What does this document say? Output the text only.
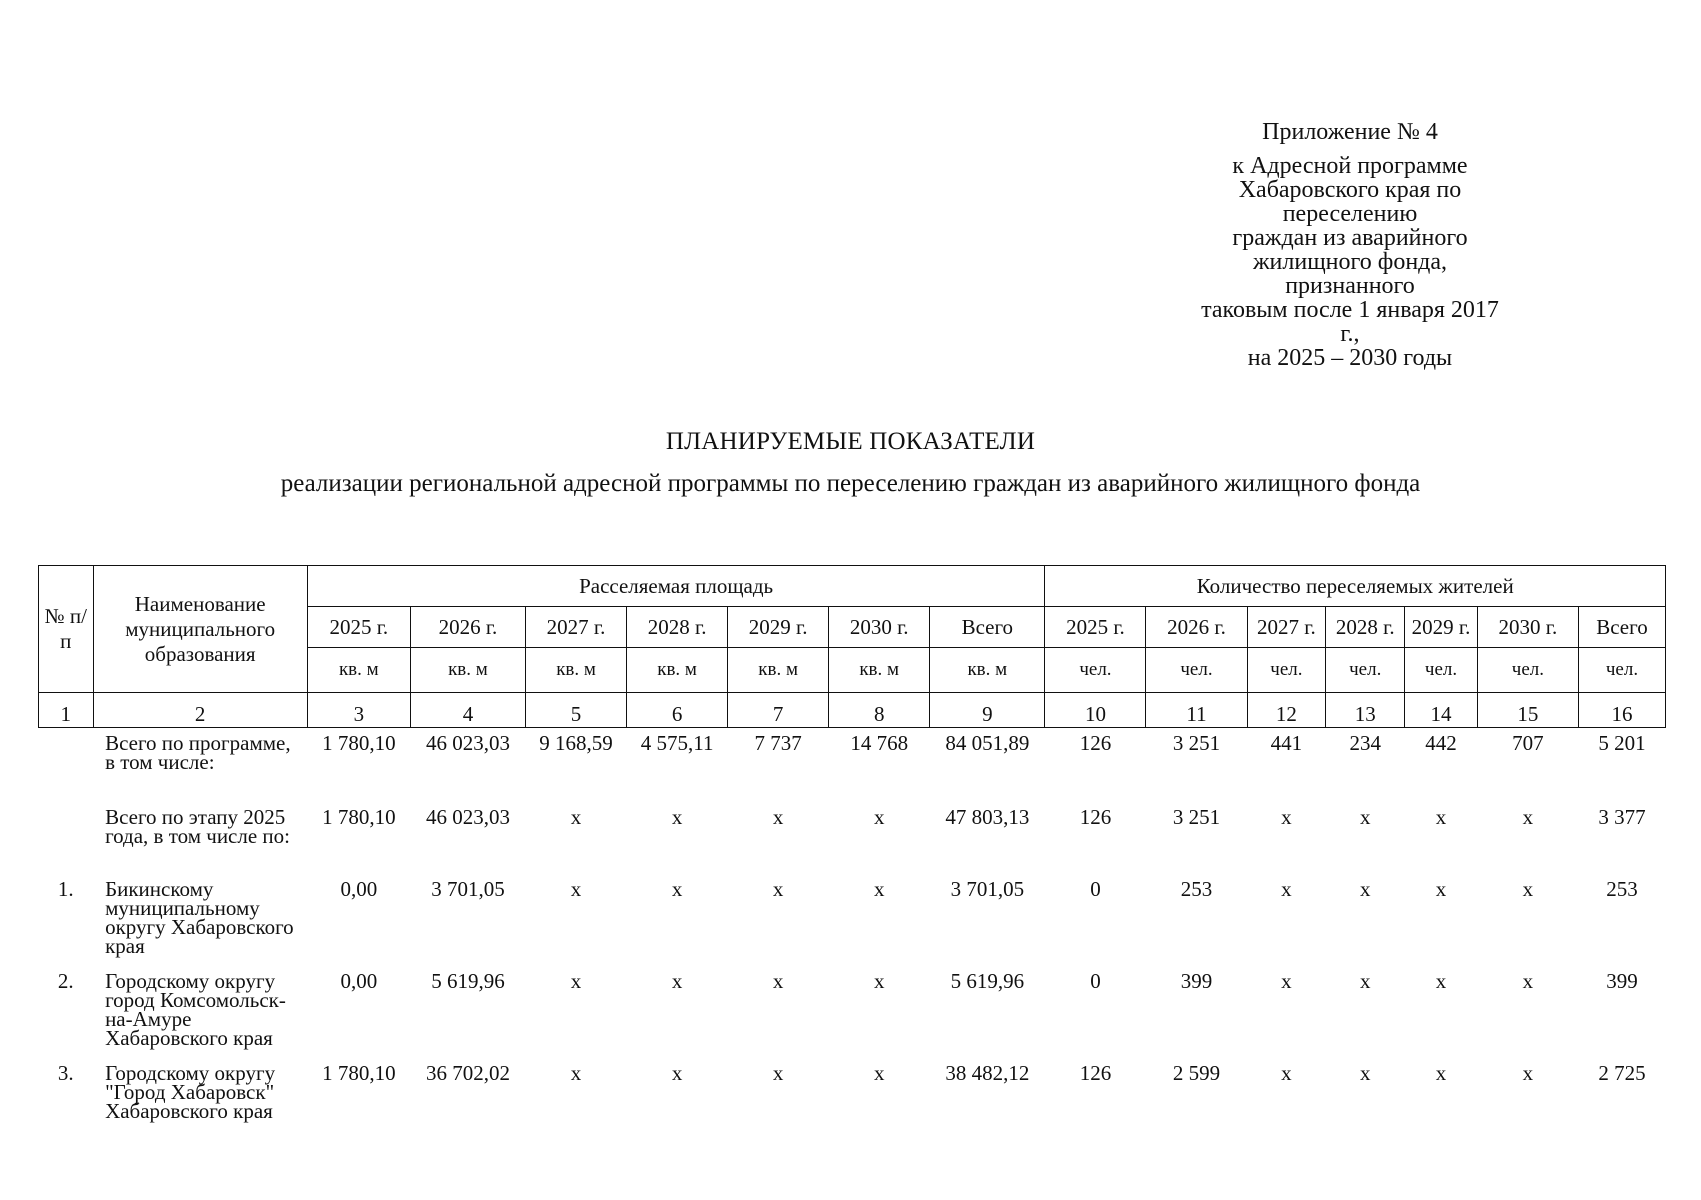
Приложение № 4
к Адресной программе
Хабаровского края по переселению
граждан из аварийного
жилищного фонда, признанного
таковым после 1 января 2017 г.,
на 2025 – 2030 годы
ПЛАНИРУЕМЫЕ ПОКАЗАТЕЛИ
реализации региональной адресной программы по переселению граждан из аварийного жилищного фонда
№ п/п	Наименование муниципального образования	Расселяемая площадь							Количество переселяемых жителей						
		2025 г.	2026 г.	2027 г.	2028 г.	2029 г.	2030 г.	Всего	2025 г.	2026 г.	2027 г.	2028 г.	2029 г.	2030 г.	Всего
		кв. м	кв. м	кв. м	кв. м	кв. м	кв. м	кв. м	чел.	чел.	чел.	чел.	чел.	чел.	чел.
1	2	3	4	5	6	7	8	9	10	11	12	13	14	15	16
	Всего по программе, в том числе:	1 780,10	46 023,03	9 168,59	4 575,11	7 737	14 768	84 051,89	126	3 251	441	234	442	707	5 201
	Всего по этапу 2025 года, в том числе по:	1 780,10	46 023,03	х	х	х	х	47 803,13	126	3 251	х	х	х	х	3 377
1.	Бикинскому муниципальному округу Хабаровского края	0,00	3 701,05	х	х	х	х	3 701,05	0	253	х	х	х	х	253
2.	Городскому округу город Комсомольск-на-Амуре Хабаровского края	0,00	5 619,96	х	х	х	х	5 619,96	0	399	х	х	х	х	399
3.	Городскому округу "Город Хабаровск" Хабаровского края	1 780,10	36 702,02	х	х	х	х	38 482,12	126	2 599	х	х	х	х	2 725
